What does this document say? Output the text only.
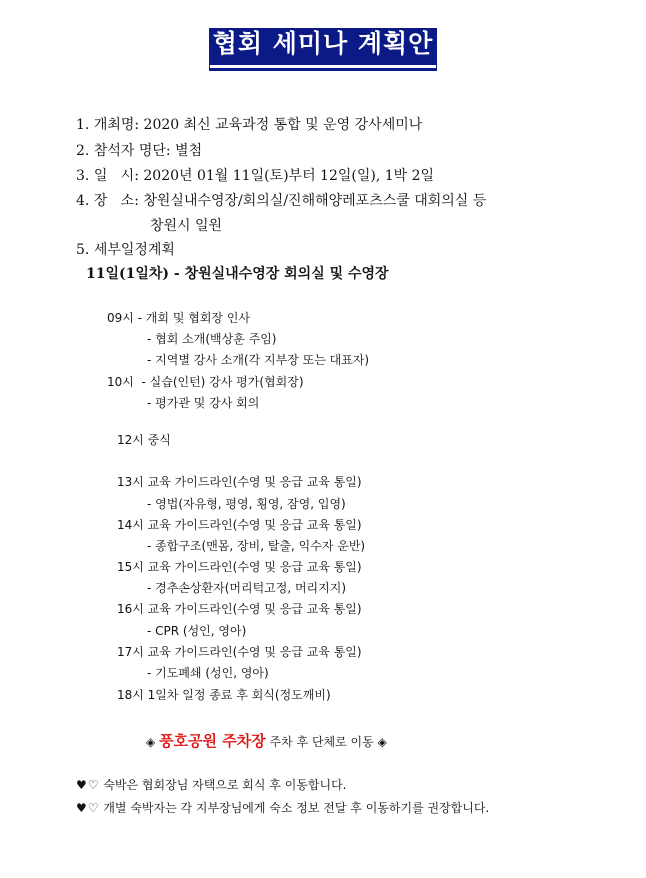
협회 세미나 계획안
1. 개최명: 2020 최신 교육과정 통합 및 운영 강사세미나
2. 참석자 명단: 별첨
3. 일   시: 2020년 01월 11일(토)부터 12일(일), 1박 2일
4. 장   소: 창원실내수영장/회의실/진해해양레포츠스쿨 대회의실 등
창원시 일원
5. 세부일정계획
11일(1일차) - 창원실내수영장 회의실 및 수영장
09시 - 개회 및 협회장 인사
- 협회 소개(백상훈 주임)
- 지역별 강사 소개(각 지부장 또는 대표자)
10시  - 실습(인턴) 강사 평가(협회장)
- 평가관 및 강사 회의
12시 중식
13시 교육 가이드라인(수영 및 응급 교육 통일)
- 영법(자유형, 평영, 횡영, 잠영, 입영)
14시 교육 가이드라인(수영 및 응급 교육 통일)
- 종합구조(맨몸, 장비, 탈출, 익수자 운반)
15시 교육 가이드라인(수영 및 응급 교육 통일)
- 경추손상환자(머리턱고정, 머리지지)
16시 교육 가이드라인(수영 및 응급 교육 통일)
- CPR (성인, 영아)
17시 교육 가이드라인(수영 및 응급 교육 통일)
- 기도폐쇄 (성인, 영아)
18시 1일차 일정 종료 후 회식(정도깨비)
◈ 풍호공원 주차장 주차 후 단체로 이동 ◈
♥♡ 숙박은 협회장님 자택으로 회식 후 이동합니다.
♥♡ 개별 숙박자는 각 지부장님에게 숙소 정보 전달 후 이동하기를 권장합니다.
